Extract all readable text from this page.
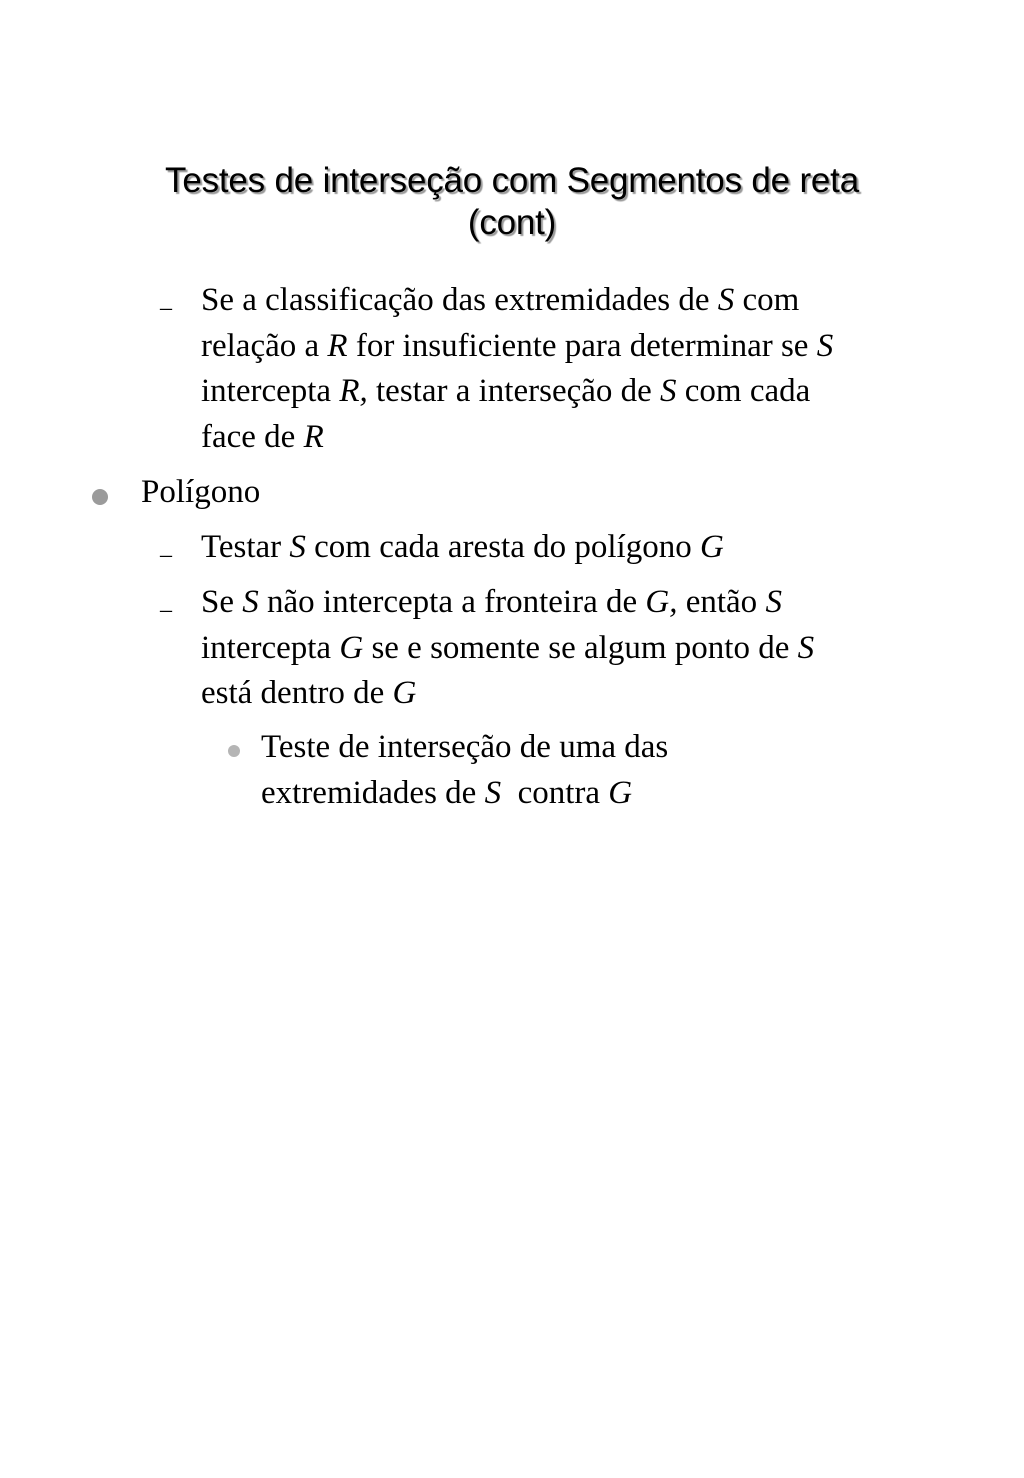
Testes de interseção com Segmentos de reta
(cont)
– Se a classificação das extremidades de S com
relação a R for insuficiente para determinar se S
intercepta R, testar a interseção de S com cada
face de R
Polígono
– Testar S com cada aresta do polígono G
– Se S não intercepta a fronteira de G, então S
intercepta G se e somente se algum ponto de S
está dentro de G
Teste de interseção de uma das
extremidades de S  contra G
